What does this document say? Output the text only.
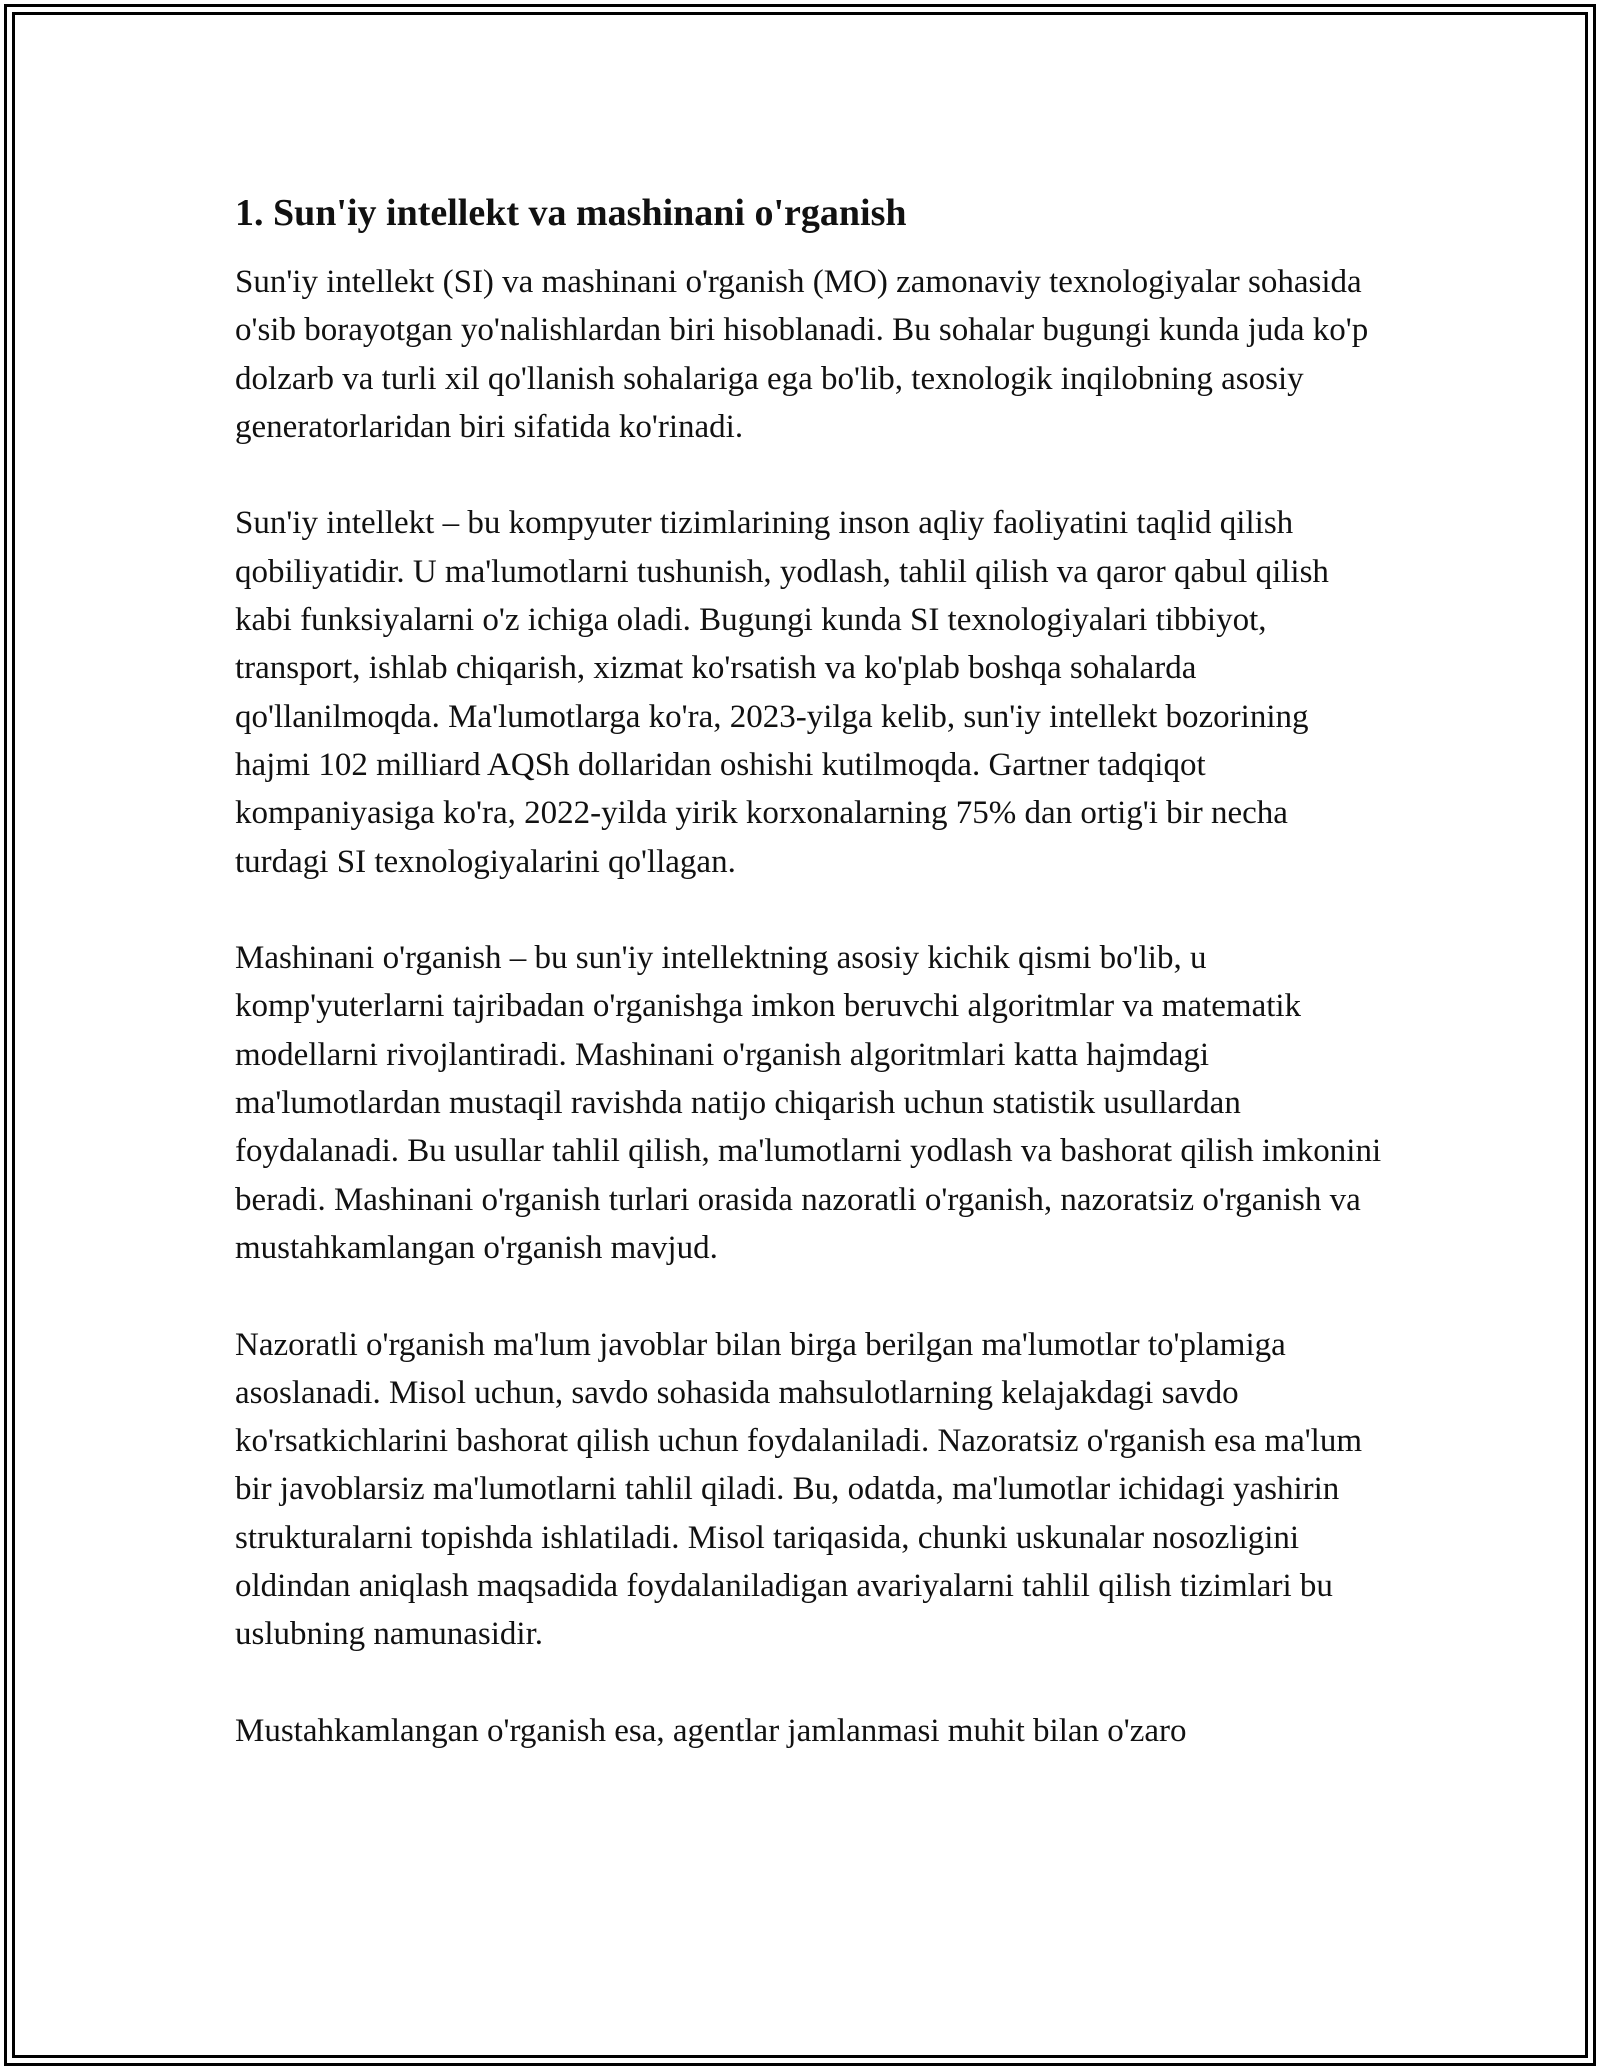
1. Sun'iy intellekt va mashinani o'rganish

Sun'iy intellekt (SI) va mashinani o'rganish (MO) zamonaviy texnologiyalar sohasida o'sib borayotgan yo'nalishlardan biri hisoblanadi. Bu sohalar bugungi kunda juda ko'p dolzarb va turli xil qo'llanish sohalariga ega bo'lib, texnologik inqilobning asosiy generatorlaridan biri sifatida ko'rinadi.

Sun'iy intellekt – bu kompyuter tizimlarining inson aqliy faoliyatini taqlid qilish qobiliyatidir. U ma'lumotlarni tushunish, yodlash, tahlil qilish va qaror qabul qilish kabi funksiyalarni o'z ichiga oladi. Bugungi kunda SI texnologiyalari tibbiyot, transport, ishlab chiqarish, xizmat ko'rsatish va ko'plab boshqa sohalarda qo'llanilmoqda. Ma'lumotlarga ko'ra, 2023-yilga kelib, sun'iy intellekt bozorining hajmi 102 milliard AQSh dollaridan oshishi kutilmoqda. Gartner tadqiqot kompaniyasiga ko'ra, 2022-yilda yirik korxonalarning 75% dan ortig'i bir necha turdagi SI texnologiyalarini qo'llagan.

Mashinani o'rganish – bu sun'iy intellektning asosiy kichik qismi bo'lib, u komp'yuterlarni tajribadan o'rganishga imkon beruvchi algoritmlar va matematik modellarni rivojlantiradi. Mashinani o'rganish algoritmlari katta hajmdagi ma'lumotlardan mustaqil ravishda natijo chiqarish uchun statistik usullardan foydalanadi. Bu usullar tahlil qilish, ma'lumotlarni yodlash va bashorat qilish imkonini beradi. Mashinani o'rganish turlari orasida nazoratli o'rganish, nazoratsiz o'rganish va mustahkamlangan o'rganish mavjud.

Nazoratli o'rganish ma'lum javoblar bilan birga berilgan ma'lumotlar to'plamiga asoslanadi. Misol uchun, savdo sohasida mahsulotlarning kelajakdagi savdo ko'rsatkichlarini bashorat qilish uchun foydalaniladi. Nazoratsiz o'rganish esa ma'lum bir javoblarsiz ma'lumotlarni tahlil qiladi. Bu, odatda, ma'lumotlar ichidagi yashirin strukturalarni topishda ishlatiladi. Misol tariqasida, chunki uskunalar nosozligini oldindan aniqlash maqsadida foydalaniladigan avariyalarni tahlil qilish tizimlari bu uslubning namunasidir.

Mustahkamlangan o'rganish esa, agentlar jamlanmasi muhit bilan o'zaro
